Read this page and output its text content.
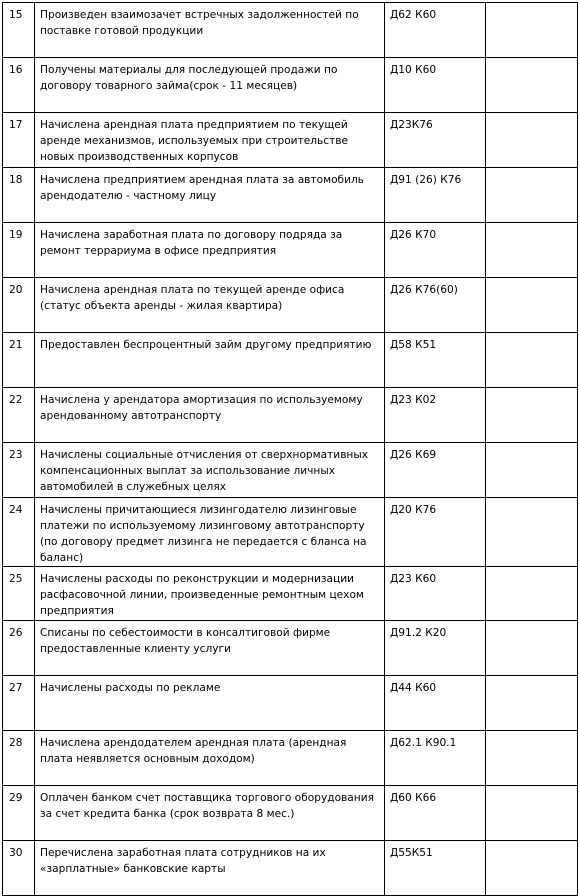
15	Произведен взаимозачет встречных задолженностей по поставке готовой продукции	Д62 К60	
16	Получены материалы для последующей продажи по договору товарного займа(срок - 11 месяцев)	Д10 К60	
17	Начислена арендная плата предприятием по текущей аренде механизмов, используемых при строительстве новых производственных корпусов	Д23К76	
18	Начислена предприятием арендная плата за автомобиль арендодателю - частному лицу	Д91 (26) К76	
19	Начислена заработная плата по договору подряда за ремонт террариума в офисе предприятия	Д26 К70	
20	Начислена арендная плата по текущей аренде офиса (статус объекта аренды - жилая квартира)	Д26 К76(60)	
21	Предоставлен беспроцентный займ другому предприятию	Д58 К51	
22	Начислена у арендатора амортизация по используемому арендованному автотранспорту	Д23 К02	
23	Начислены социальные отчисления от сверхнормативных компенсационных выплат за использование личных автомобилей в служебных целях	Д26 К69	
24	Начислены причитающиеся лизингодателю лизинговые платежи по используемому лизинговому автотранспорту (по договору предмет лизинга не передается с бланса на баланс)	Д20 К76	
25	Начислены расходы по реконструкции и модернизации расфасовочной линии, произведенные ремонтным цехом предприятия	Д23 К60	
26	Списаны по себестоимости в консалтиговой фирме предоставленные клиенту услуги	Д91.2 К20	
27	Начислены расходы по рекламе	Д44 К60	
28	Начислена арендодателем арендная плата (арендная плата неявляется основным доходом)	Д62.1 К90.1	
29	Оплачен банком счет поставщика торгового оборудования за счет кредита банка (срок возврата 8 мес.)	Д60 К66	
30	Перечислена заработная плата сотрудников на их «зарплатные» банковские карты	Д55К51	
